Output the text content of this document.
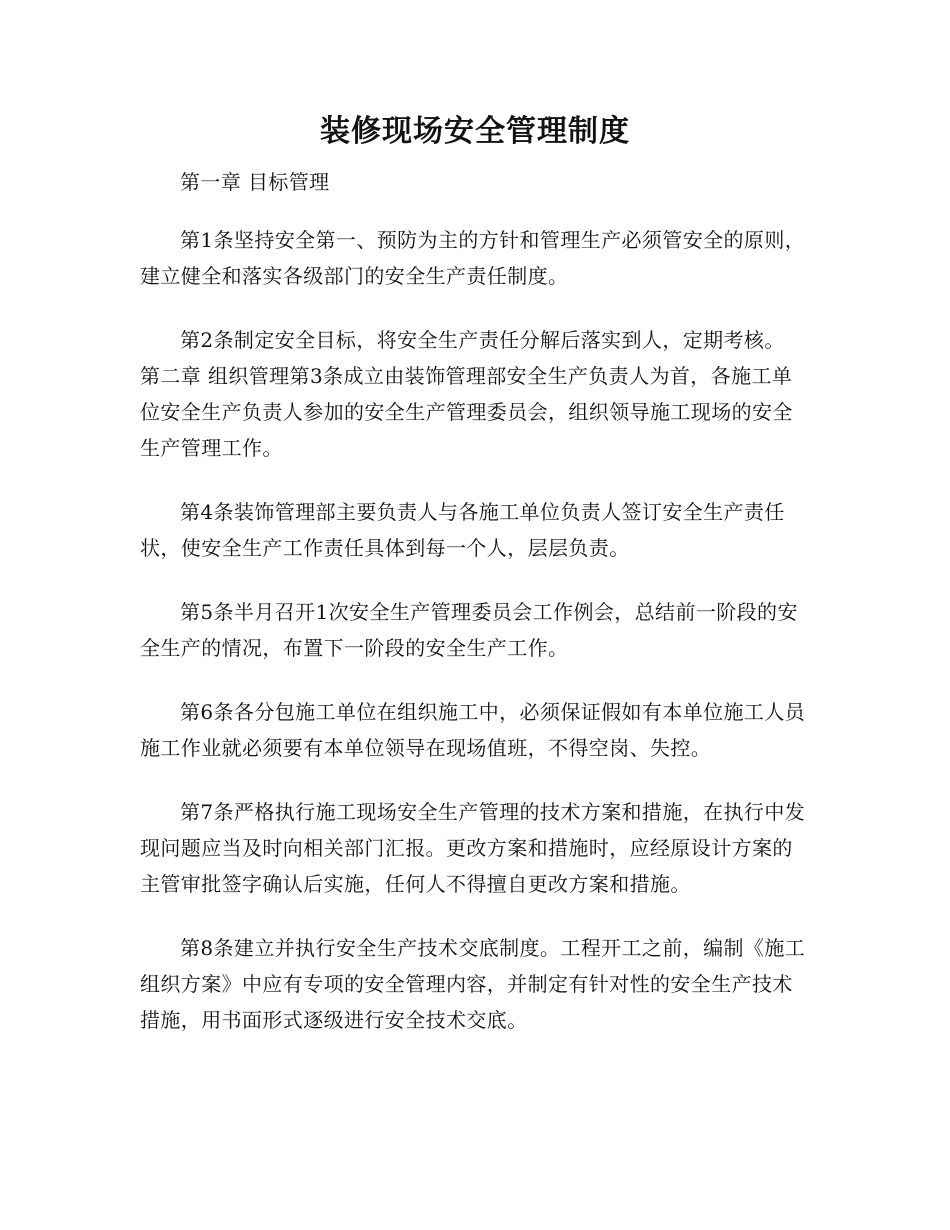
装修现场安全管理制度

第一章 目标管理

第1条坚持安全第一、预防为主的方针和管理生产必须管安全的原则，建立健全和落实各级部门的安全生产责任制度。

第2条制定安全目标，将安全生产责任分解后落实到人，定期考核。 第二章 组织管理第3条成立由装饰管理部安全生产负责人为首，各施工单位安全生产负责人参加的安全生产管理委员会，组织领导施工现场的安全生产管理工作。

第4条装饰管理部主要负责人与各施工单位负责人签订安全生产责任状，使安全生产工作责任具体到每一个人，层层负责。

第5条半月召开1次安全生产管理委员会工作例会，总结前一阶段的安全生产的情况，布置下一阶段的安全生产工作。

第6条各分包施工单位在组织施工中，必须保证假如有本单位施工人员施工作业就必须要有本单位领导在现场值班，不得空岗、失控。

第7条严格执行施工现场安全生产管理的技术方案和措施，在执行中发现问题应当及时向相关部门汇报。更改方案和措施时，应经原设计方案的主管审批签字确认后实施，任何人不得擅自更改方案和措施。

第8条建立并执行安全生产技术交底制度。工程开工之前，编制《施工组织方案》中应有专项的安全管理内容，并制定有针对性的安全生产技术措施，用书面形式逐级进行安全技术交底。
